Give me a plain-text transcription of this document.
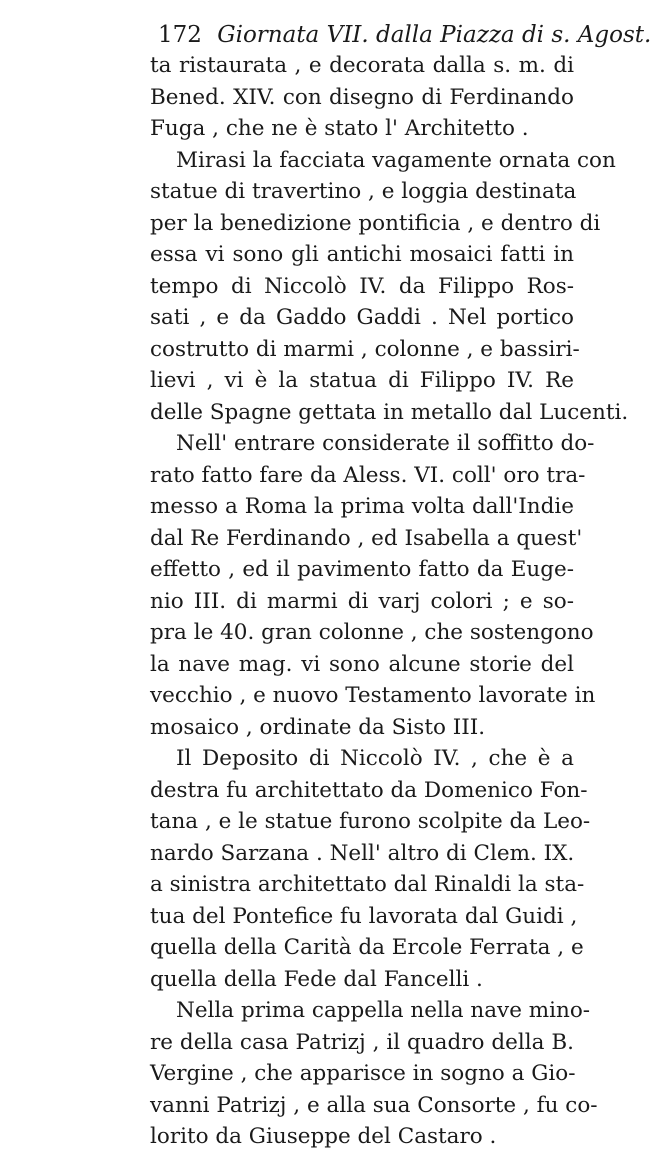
172 Giornata VII. dalla Piazza di s. Agost.
ta ristaurata , e decorata dalla s. m. di
Bened. XIV. con disegno di Ferdinando
Fuga , che ne è stato l' Architetto .
Mirasi la facciata vagamente ornata con
statue di travertino , e loggia destinata
per la benedizione pontificia , e dentro di
essa vi sono gli antichi mosaici fatti in
tempo di Niccolò IV. da Filippo Ros-
sati , e da Gaddo Gaddi . Nel portico
costrutto di marmi , colonne , e bassiri-
lievi , vi è la statua di Filippo IV. Re
delle Spagne gettata in metallo dal Lucenti.
Nell' entrare considerate il soffitto do-
rato fatto fare da Aless. VI. coll' oro tra-
messo a Roma la prima volta dall'Indie
dal Re Ferdinando , ed Isabella a quest'
effetto , ed il pavimento fatto da Euge-
nio III. di marmi di varj colori ; e so-
pra le 40. gran colonne , che sostengono
la nave mag. vi sono alcune storie del
vecchio , e nuovo Testamento lavorate in
mosaico , ordinate da Sisto III.
Il Deposito di Niccolò IV. , che è a
destra fu architettato da Domenico Fon-
tana , e le statue furono scolpite da Leo-
nardo Sarzana . Nell' altro di Clem. IX.
a sinistra architettato dal Rinaldi la sta-
tua del Pontefice fu lavorata dal Guidi ,
quella della Carità da Ercole Ferrata , e
quella della Fede dal Fancelli .
Nella prima cappella nella nave mino-
re della casa Patrizj , il quadro della B.
Vergine , che apparisce in sogno a Gio-
vanni Patrizj , e alla sua Consorte , fu co-
lorito da Giuseppe del Castaro .
